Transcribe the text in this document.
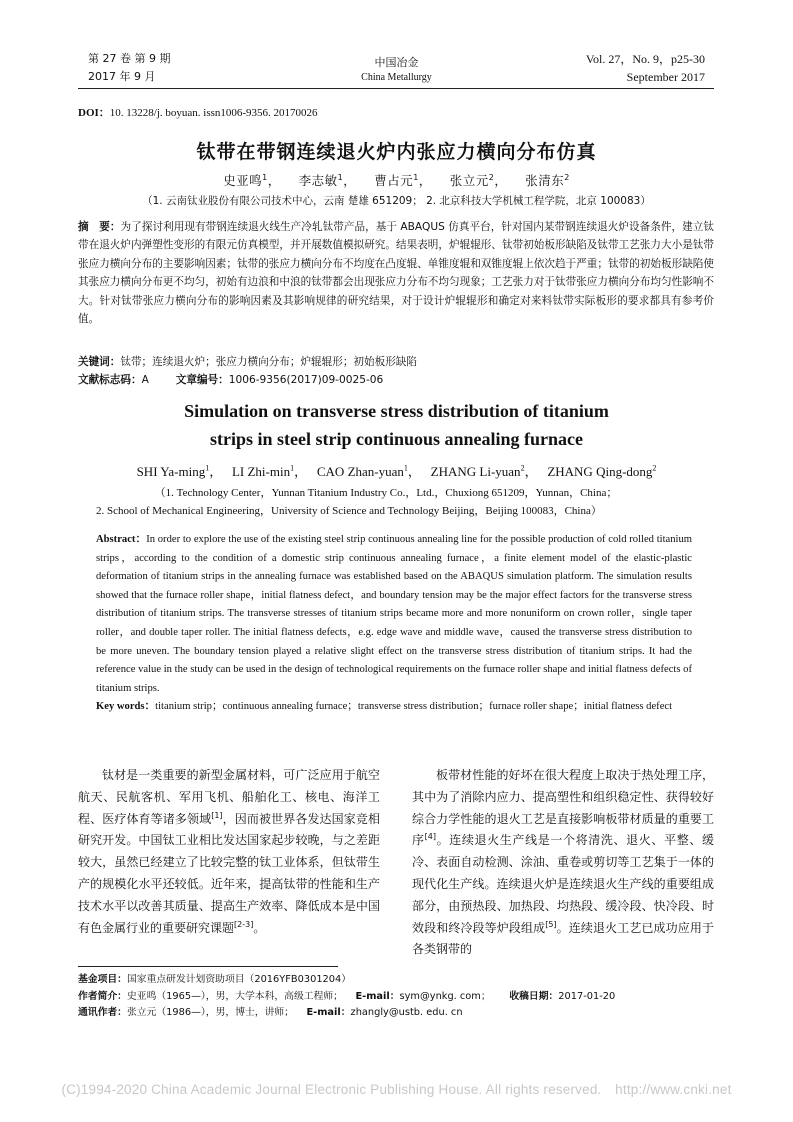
第 27 卷 第 9 期
2017 年 9 月
中国冶金
China Metallurgy
Vol. 27，No. 9，p25-30
September 2017
DOI：10. 13228/j. boyuan. issn1006-9356. 20170026
钛带在带钢连续退火炉内张应力横向分布仿真
史亚鸣$^1$， 李志敏$^1$， 曹占元$^1$， 张立元$^2$， 张清东$^2$
（1. 云南钛业股份有限公司技术中心，云南 楚雄 651209； 2. 北京科技大学机械工程学院，北京 100083）
摘　要：为了探讨利用现有带钢连续退火线生产冷轧钛带产品，基于 ABAQUS 仿真平台，针对国内某带钢连续退火炉设备条件，建立钛带在退火炉内弹塑性变形的有限元仿真模型，并开展数值模拟研究。结果表明，炉辊辊形、钛带初始板形缺陷及钛带工艺张力大小是钛带张应力横向分布的主要影响因素；钛带的张应力横向分布不均度在凸度辊、单锥度辊和双锥度辊上依次趋于严重；钛带的初始板形缺陷使其张应力横向分布更不均匀，初始有边浪和中浪的钛带都会出现张应力分布不均匀现象；工艺张力对于钛带张应力横向分布均匀性影响不大。针对钛带张应力横向分布的影响因素及其影响规律的研究结果，对于设计炉辊辊形和确定对来料钛带实际板形的要求都具有参考价值。
关键词：钛带；连续退火炉；张应力横向分布；炉辊辊形；初始板形缺陷
文献标志码：A	文章编号：1006-9356(2017)09-0025-06
Simulation on transverse stress distribution of titanium
strips in steel strip continuous annealing furnace
SHI Ya-ming$^1$， LI Zhi-$\min^1$， CAO Zhan-yuan$^1$， ZHANG Li-yuan$^2$， ZHANG Qing-dong$^2$
（1. Technology Center，Yunnan Titanium Industry Co.，Ltd.，Chuxiong 651209，Yunnan，China；
2. School of Mechanical Engineering，University of Science and Technology Beijing，Beijing 100083，China）
Abstract：In order to explore the use of the existing steel strip continuous annealing line for the possible production of cold rolled titanium strips，according to the condition of a domestic strip continuous annealing furnace，a finite element model of the elastic-plastic deformation of titanium strips in the annealing furnace was established based on the ABAQUS simulation platform. The simulation results showed that the furnace roller shape，initial flatness defect，and boundary tension may be the major effect factors for the transverse stress distribution of titanium strips. The transverse stresses of titanium strips became more and more nonuniform on crown roller，single taper roller，and double taper roller. The initial flatness defects，e.g. edge wave and middle wave，caused the transverse stress distribution to be more uneven. The boundary tension played a relative slight effect on the transverse stress distribution of titanium strips. It had the reference value in the study can be used in the design of technological requirements on the furnace roller shape and initial flatness defects of titanium strips.
Key words：titanium strip；continuous annealing furnace；transverse stress distribution；furnace roller shape；initial flatness defect
钛材是一类重要的新型金属材料，可广泛应用于航空航天、民航客机、军用飞机、船舶化工、核电、海洋工程、医疗体育等诸多领域[1]，因而被世界各发达国家竞相研究开发。中国钛工业相比发达国家起步较晚，与之差距较大，虽然已经建立了比较完整的钛工业体系，但钛带生产的规模化水平还较低。近年来，提高钛带的性能和生产技术水平以改善其质量、提高生产效率、降低成本是中国有色金属行业的重要研究课题[2-3]。
板带材性能的好坏在很大程度上取决于热处理工序，其中为了消除内应力、提高塑性和组织稳定性、获得较好综合力学性能的退火工艺是直接影响板带材质量的重要工序[4]。连续退火生产线是一个将清洗、退火、平整、缓冷、表面自动检测、涂油、重卷或剪切等工艺集于一体的现代化生产线。连续退火炉是连续退火生产线的重要组成部分，由预热段、加热段、均热段、缓冷段、快冷段、时效段和终冷段等炉段组成[5]。连续退火工艺已成功应用于各类钢带的
基金项目：国家重点研发计划资助项目（2016YFB0301204）
作者简介：史亚鸣（1965—），男，大学本科，高级工程师； E-mail：sym@ynkg. com； 收稿日期：2017-01-20
通讯作者：张立元（1986—），男，博士，讲师； E-mail：zhangly@ustb. edu. cn
(C)1994-2020 China Academic Journal Electronic Publishing House. All rights reserved.　http://www.cnki.net
